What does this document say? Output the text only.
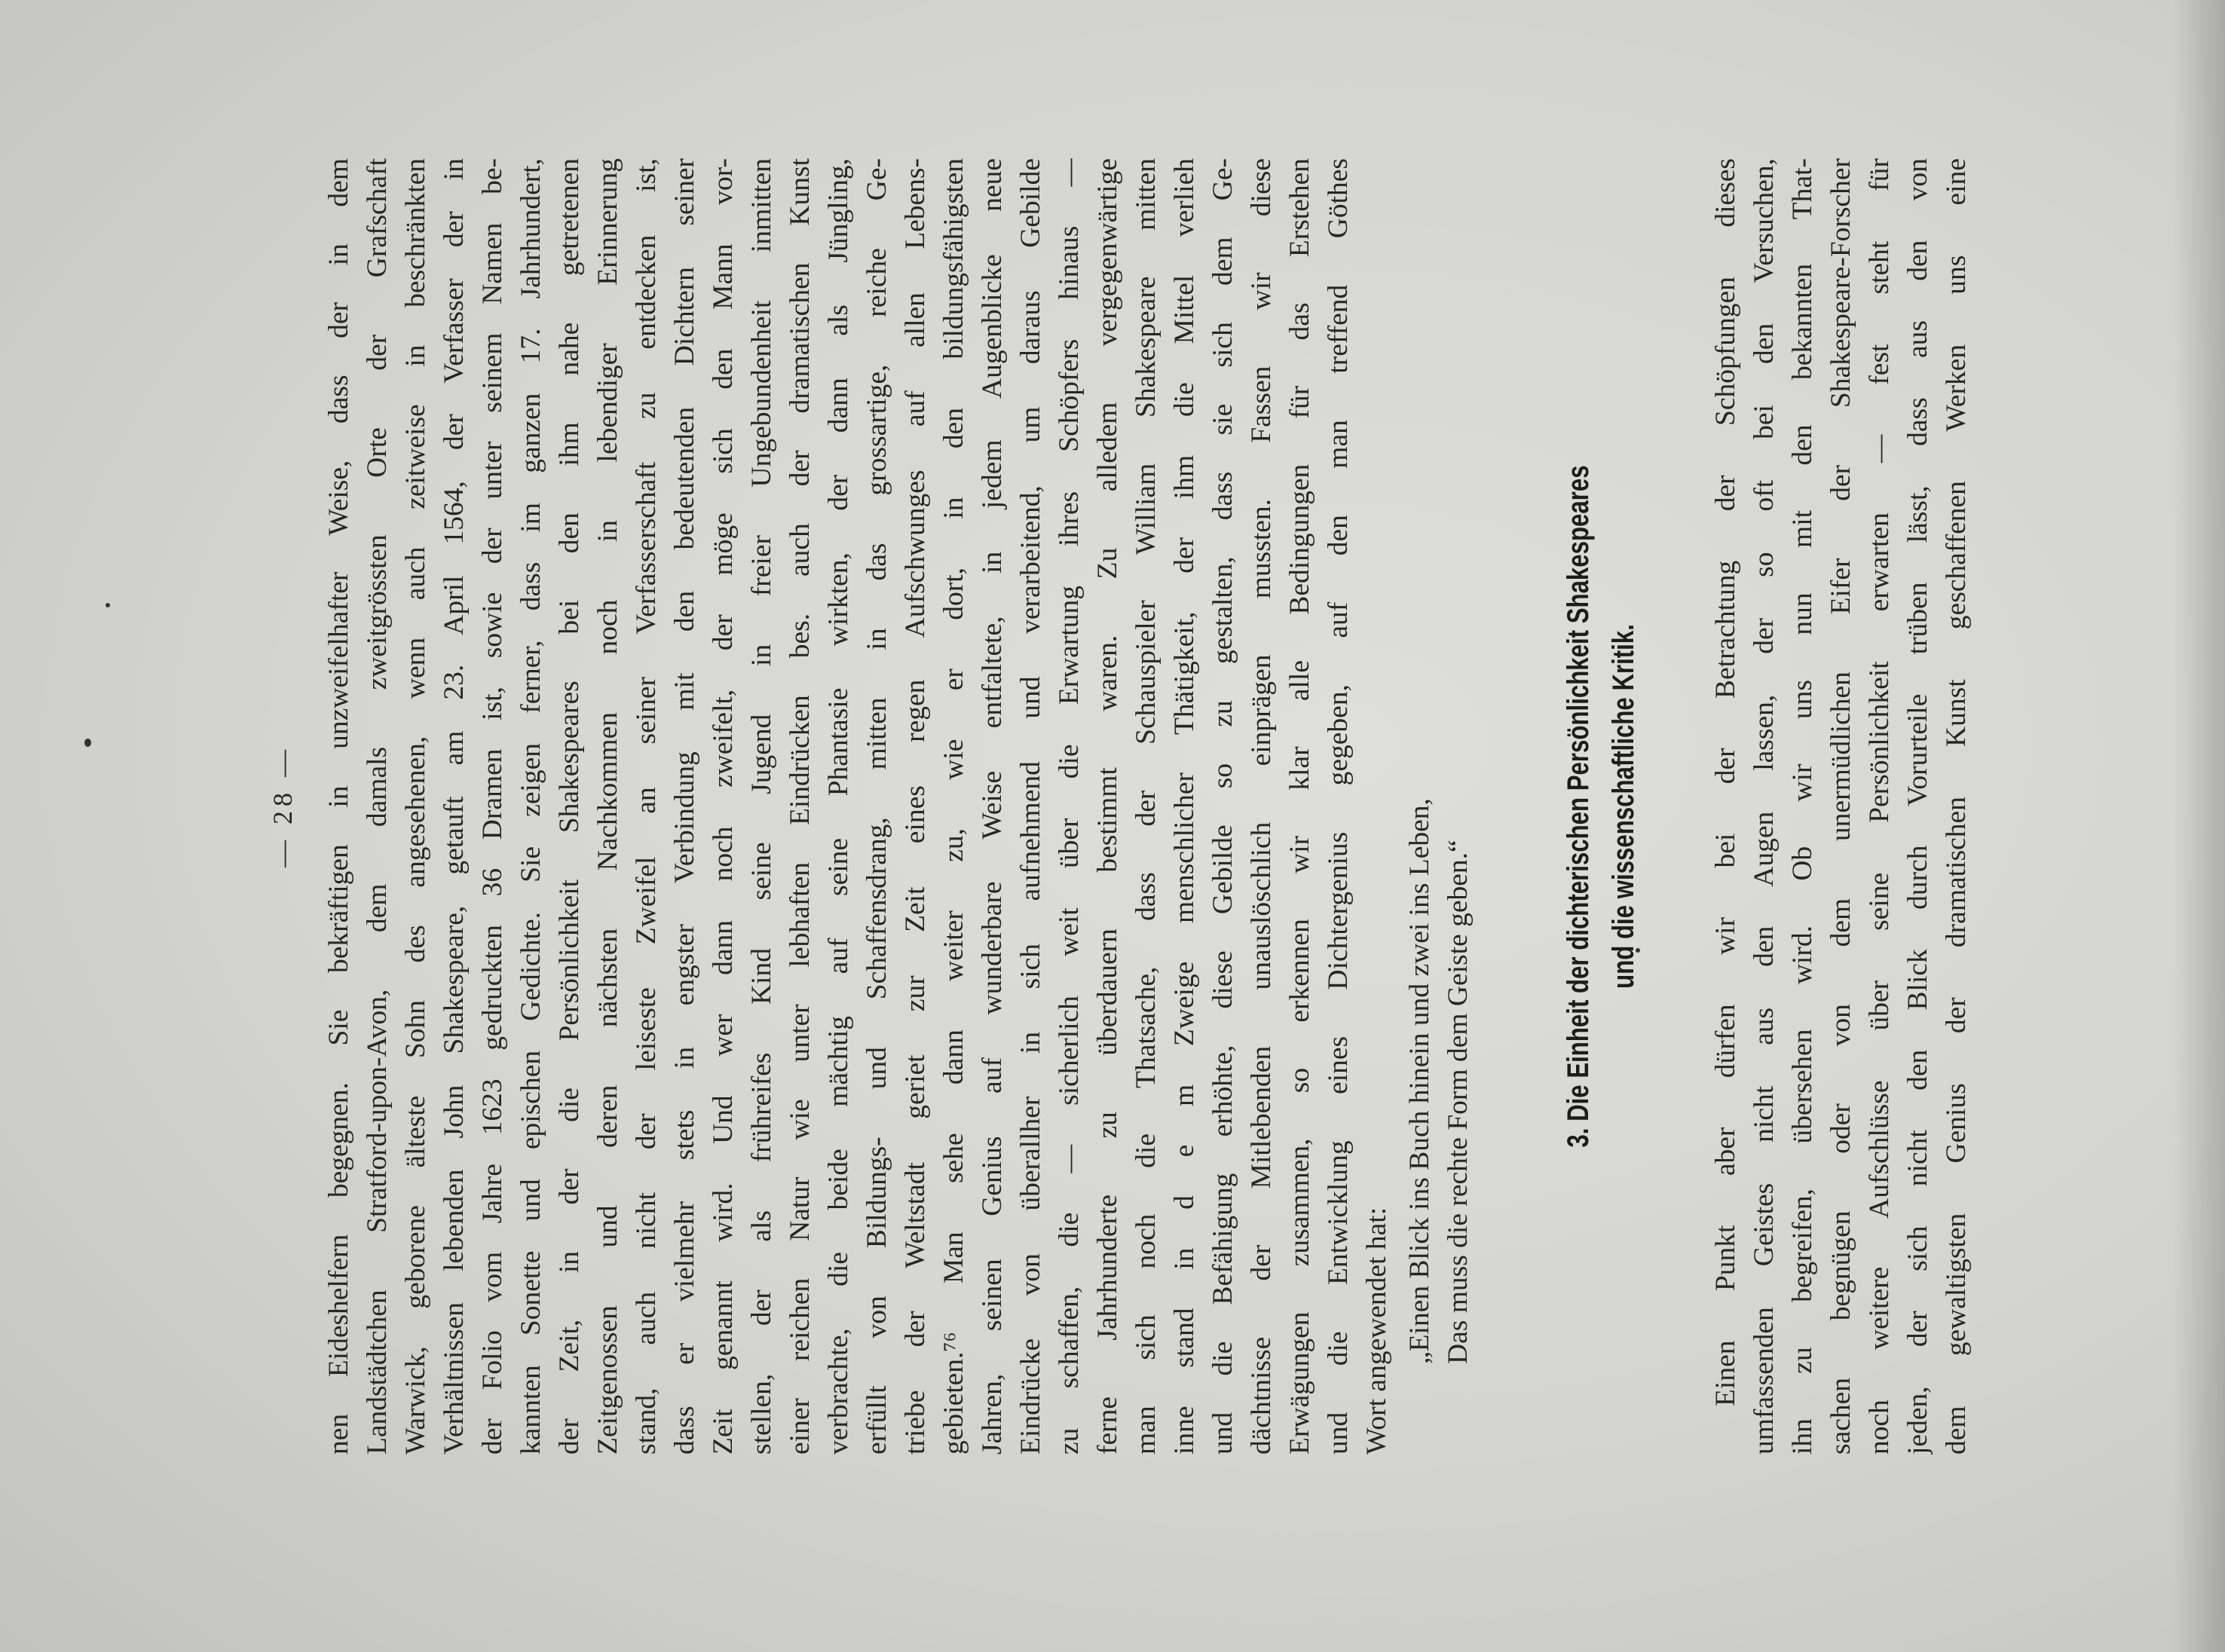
— 28 — nen Eideshelfern begegnen. Sie bekräftigen in unzweifelhafter Weise, dass der in dem Landstädtchen Stratford-upon-Avon, dem damals zweitgrössten Orte der Grafschaft Warwick, geborene älteste Sohn des angesehenen, wenn auch zeitweise in beschränkten Verhältnissen lebenden John Shakespeare, getauft am 23. April 1564, der Verfasser der in der Folio vom Jahre 1623 gedruckten 36 Dramen ist, sowie der unter seinem Namen be- kannten Sonette und epischen Gedichte. Sie zeigen ferner, dass im ganzen 17. Jahrhundert, der Zeit, in der die Persönlichkeit Shakespeares bei den ihm nahe getretenen Zeitgenossen und deren nächsten Nachkommen noch in lebendiger Erinnerung stand, auch nicht der leiseste Zweifel an seiner Verfasserschaft zu entdecken ist, dass er vielmehr stets in engster Verbindung mit den bedeutenden Dichtern seiner Zeit genannt wird. Und wer dann noch zweifelt, der möge sich den Mann vor- stellen, der als frühreifes Kind seine Jugend in freier Ungebundenheit inmitten einer reichen Natur wie unter lebhaften Eindrücken bes. auch der dramatischen Kunst verbrachte, die beide mächtig auf seine Phantasie wirkten, der dann als Jüngling, erfüllt von Bildungs- und Schaffensdrang, mitten in das grossartige, reiche Ge- triebe der Weltstadt geriet zur Zeit eines regen Aufschwunges auf allen Lebens- gebieten.⁷⁶ Man sehe dann weiter zu, wie er dort, in den bildungsfähigsten Jahren, seinen Genius auf wunderbare Weise entfaltete, in jedem Augenblicke neue Eindrücke von überallher in sich aufnehmend und verarbeitend, um daraus Gebilde zu schaffen, die — sicherlich weit über die Erwartung ihres Schöpfers hinaus — ferne Jahrhunderte zu überdauern bestimmt waren. Zu alledem vergegenwärtige man sich noch die Thatsache, dass der Schauspieler William Shakespeare mitten inne stand in d e m Zweige menschlicher Thätigkeit, der ihm die Mittel verlieh und die Befähigung erhöhte, diese Gebilde so zu gestalten, dass sie sich dem Ge- dächtnisse der Mitlebenden unauslöschlich einprägen mussten. Fassen wir diese Erwägungen zusammen, so erkennen wir klar alle Bedingungen für das Erstehen und die Entwicklung eines Dichtergenius gegeben, auf den man treffend Göthes Wort angewendet hat: „Einen Blick ins Buch hinein und zwei ins Leben, Das muss die rechte Form dem Geiste geben.“	3. Die Einheit der dichterischen Persönlichkeit Shakespeares und die wissenschaftliche Kritik. Einen Punkt aber dürfen wir bei der Betrachtung der Schöpfungen dieses umfassenden Geistes nicht aus den Augen lassen, der so oft bei den Versuchen, ihn zu begreifen, übersehen wird. Ob wir uns nun mit den bekannten That- sachen begnügen oder von dem unermüdlichen Eifer der Shakespeare-Forscher noch weitere Aufschlüsse über seine Persönlichkeit erwarten — fest steht für jeden, der sich nicht den Blick durch Vorurteile trüben lässt, dass aus den von dem gewaltigsten Genius der dramatischen Kunst geschaffenen Werken uns eine
